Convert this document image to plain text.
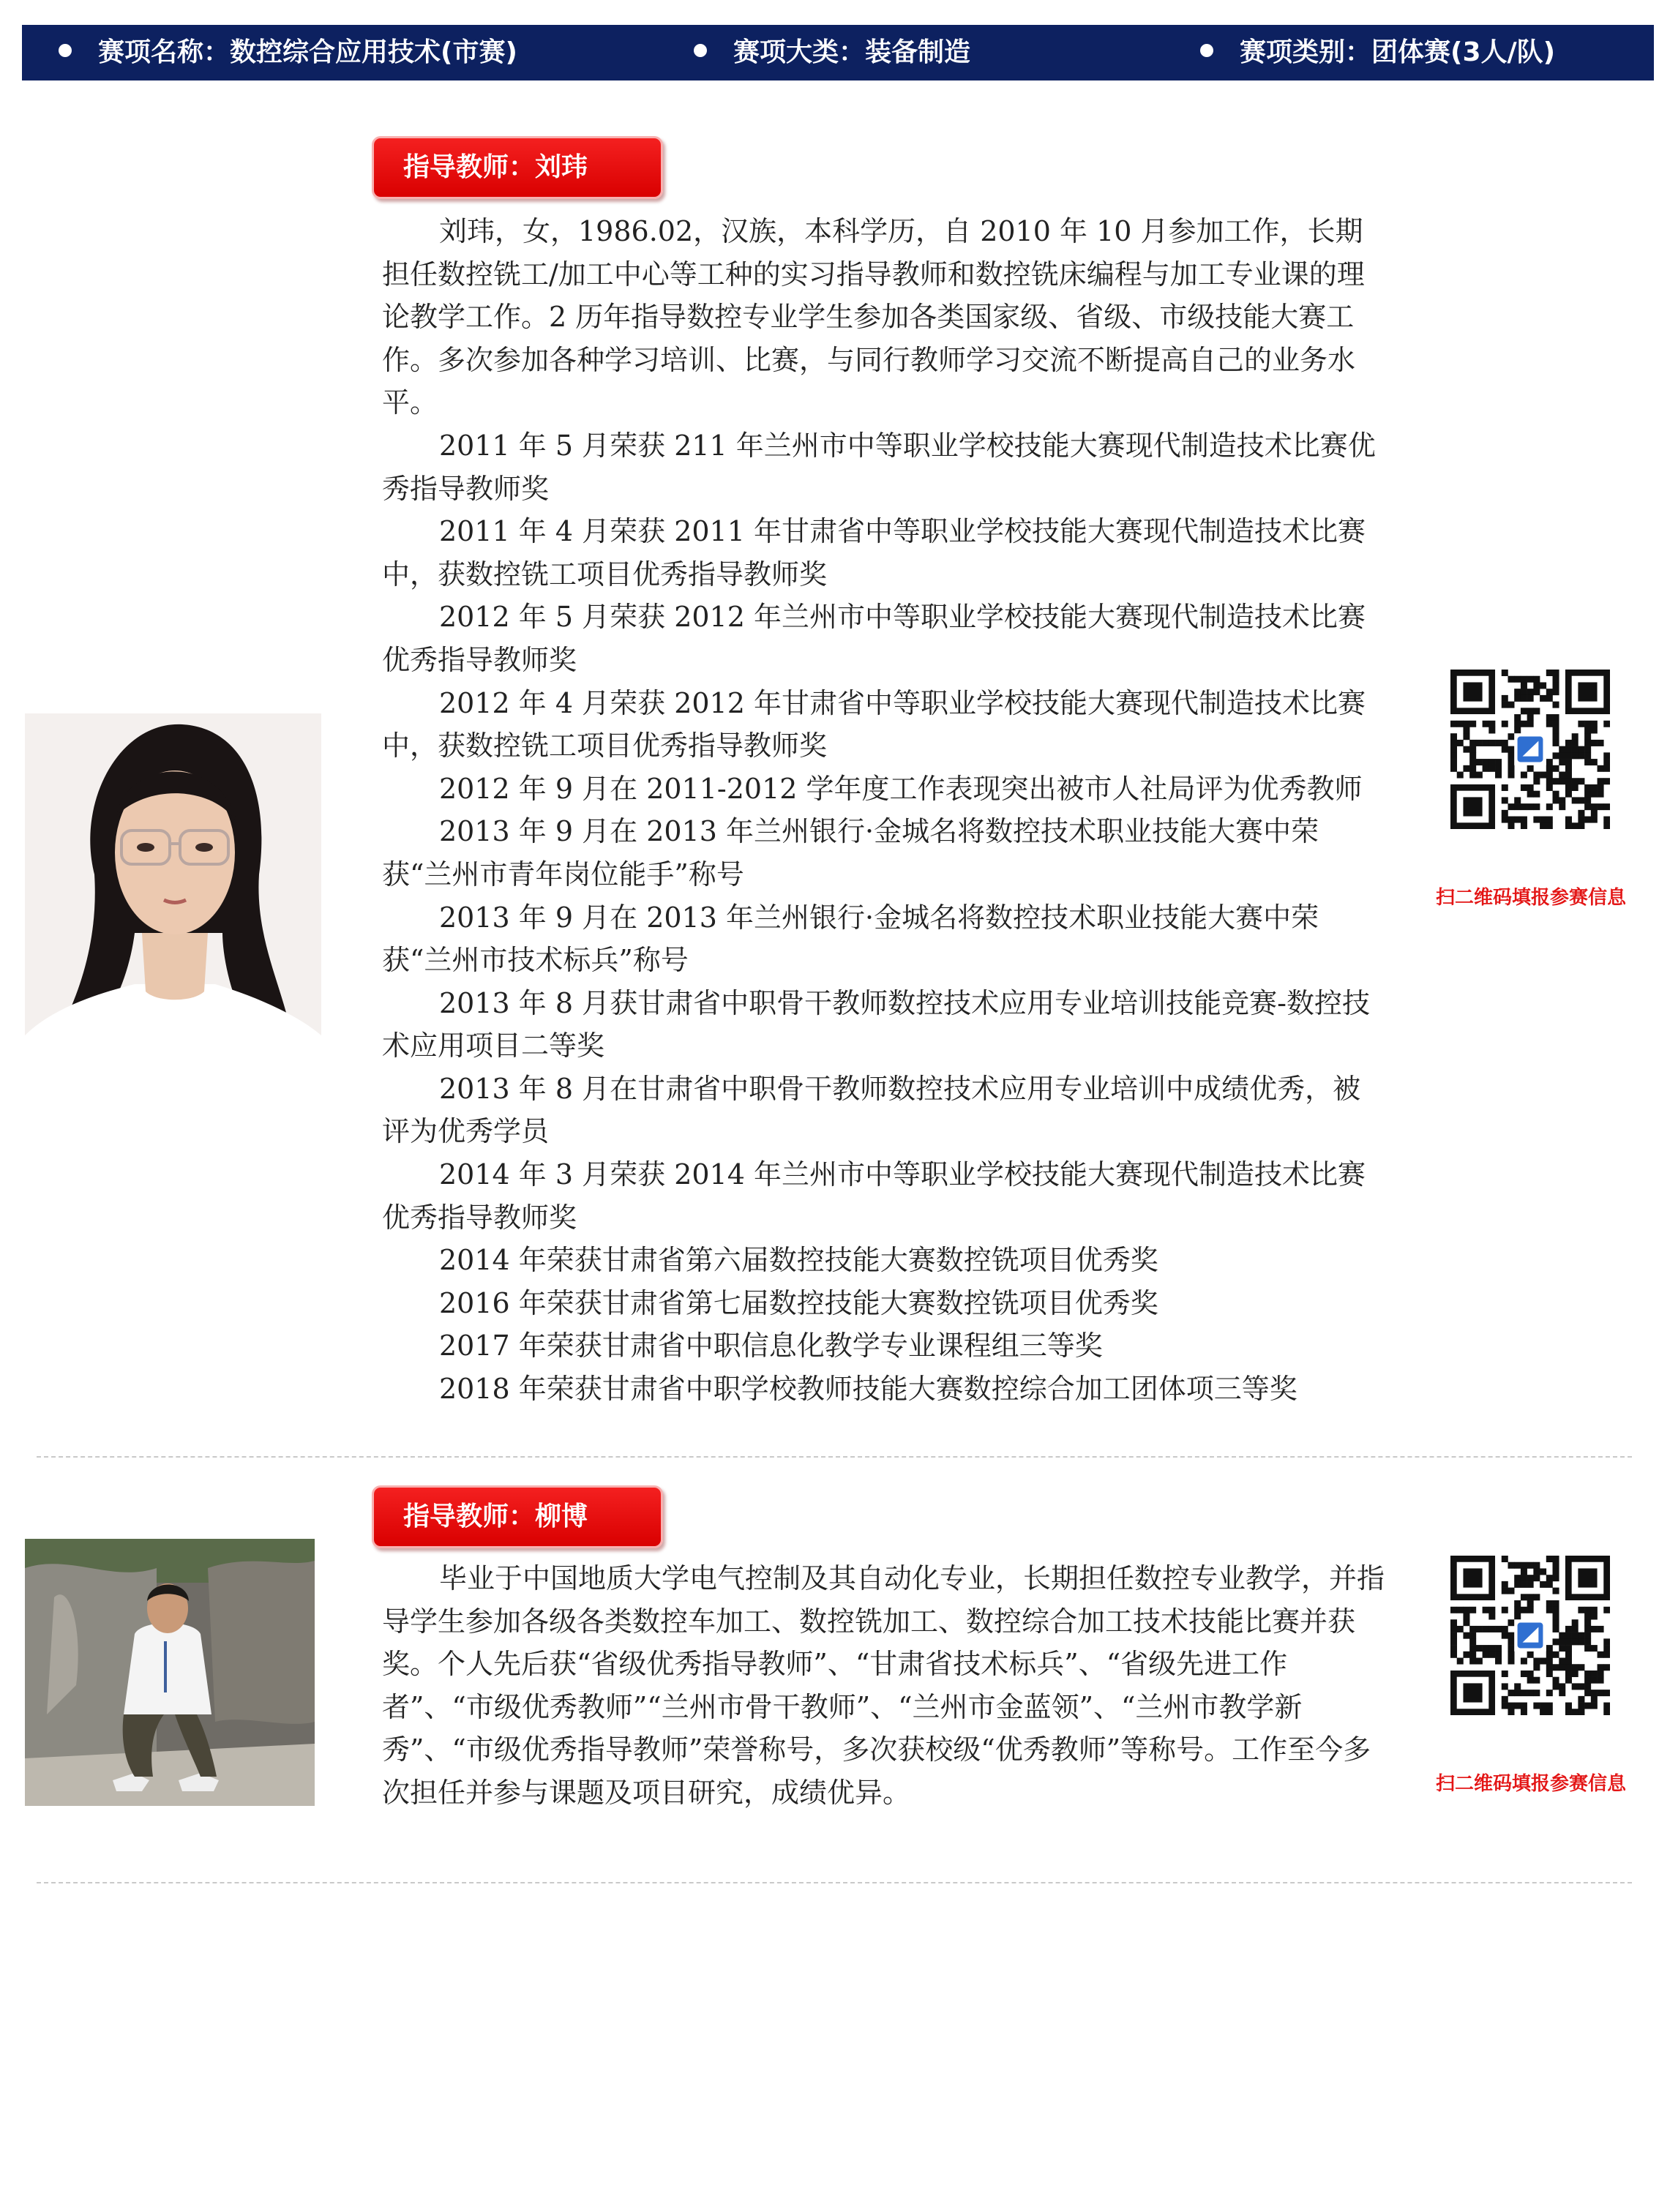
赛项名称：数控综合应用技术(市赛)	赛项大类：装备制造	赛项类别：团体赛(3人/队)
指导教师：刘玮

刘玮，女，1986.02，汉族，本科学历，自 2010 年 10 月参加工作，长期担任数控铣工/加工中心等工种的实习指导教师和数控铣床编程与加工专业课的理论教学工作。2 历年指导数控专业学生参加各类国家级、省级、市级技能大赛工作。多次参加各种学习培训、比赛，与同行教师学习交流不断提高自己的业务水平。

2011 年 5 月荣获 211 年兰州市中等职业学校技能大赛现代制造技术比赛优秀指导教师奖

2011 年 4 月荣获 2011 年甘肃省中等职业学校技能大赛现代制造技术比赛中，获数控铣工项目优秀指导教师奖

2012 年 5 月荣获 2012 年兰州市中等职业学校技能大赛现代制造技术比赛优秀指导教师奖

2012 年 4 月荣获 2012 年甘肃省中等职业学校技能大赛现代制造技术比赛中，获数控铣工项目优秀指导教师奖

2012 年 9 月在 2011-2012 学年度工作表现突出被市人社局评为优秀教师

2013 年 9 月在 2013 年兰州银行·金城名将数控技术职业技能大赛中荣获“兰州市青年岗位能手”称号

2013 年 9 月在 2013 年兰州银行·金城名将数控技术职业技能大赛中荣获“兰州市技术标兵”称号

2013 年 8 月获甘肃省中职骨干教师数控技术应用专业培训技能竞赛-数控技术应用项目二等奖

2013 年 8 月在甘肃省中职骨干教师数控技术应用专业培训中成绩优秀，被评为优秀学员

2014 年 3 月荣获 2014 年兰州市中等职业学校技能大赛现代制造技术比赛优秀指导教师奖

2014 年荣获甘肃省第六届数控技能大赛数控铣项目优秀奖

2016 年荣获甘肃省第七届数控技能大赛数控铣项目优秀奖

2017 年荣获甘肃省中职信息化教学专业课程组三等奖

2018 年荣获甘肃省中职学校教师技能大赛数控综合加工团体项三等奖

扫二维码填报参赛信息
指导教师：柳博

毕业于中国地质大学电气控制及其自动化专业，长期担任数控专业教学，并指导学生参加各级各类数控车加工、数控铣加工、数控综合加工技术技能比赛并获奖。个人先后获“省级优秀指导教师”、“甘肃省技术标兵”、“省级先进工作者”、“市级优秀教师”“兰州市骨干教师”、“兰州市金蓝领”、“兰州市教学新秀”、“市级优秀指导教师”荣誉称号，多次获校级“优秀教师”等称号。工作至今多次担任并参与课题及项目研究，成绩优异。	扫二维码填报参赛信息
